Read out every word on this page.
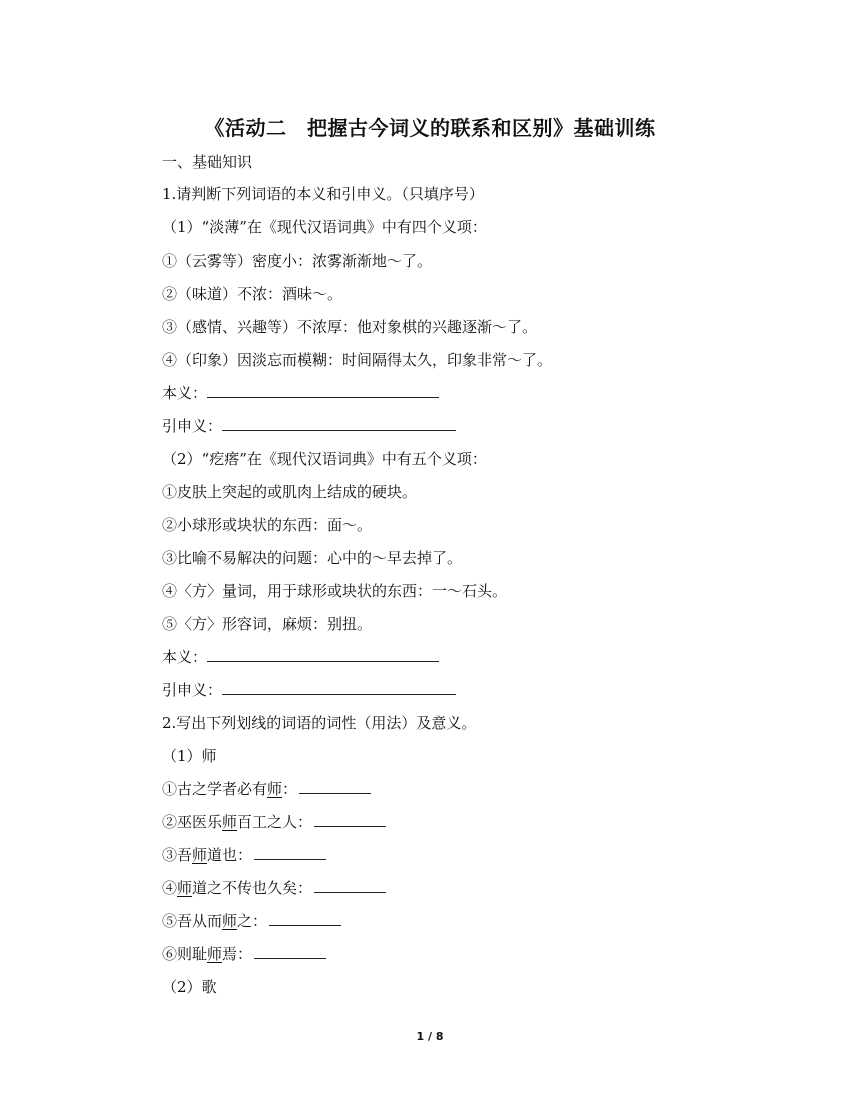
《活动二　把握古今词义的联系和区别》基础训练
一、基础知识
1.请判断下列词语的本义和引申义。（只填序号）
（1）“淡薄”在《现代汉语词典》中有四个义项：
①（云雾等）密度小：浓雾渐渐地～了。
②（味道）不浓：酒味～。
③（感情、兴趣等）不浓厚：他对象棋的兴趣逐渐～了。
④（印象）因淡忘而模糊：时间隔得太久，印象非常～了。
本义：
引申义：
（2）“疙瘩”在《现代汉语词典》中有五个义项：
①皮肤上突起的或肌肉上结成的硬块。
②小球形或块状的东西：面～。
③比喻不易解决的问题：心中的～早去掉了。
④〈方〉量词，用于球形或块状的东西：一～石头。
⑤〈方〉形容词，麻烦：别扭。
本义：
引申义：
2.写出下列划线的词语的词性（用法）及意义。
（1）师
①古之学者必有师：
②巫医乐师百工之人：
③吾师道也：
④师道之不传也久矣：
⑤吾从而师之：
⑥则耻师焉：
（2）歌
1 / 8
